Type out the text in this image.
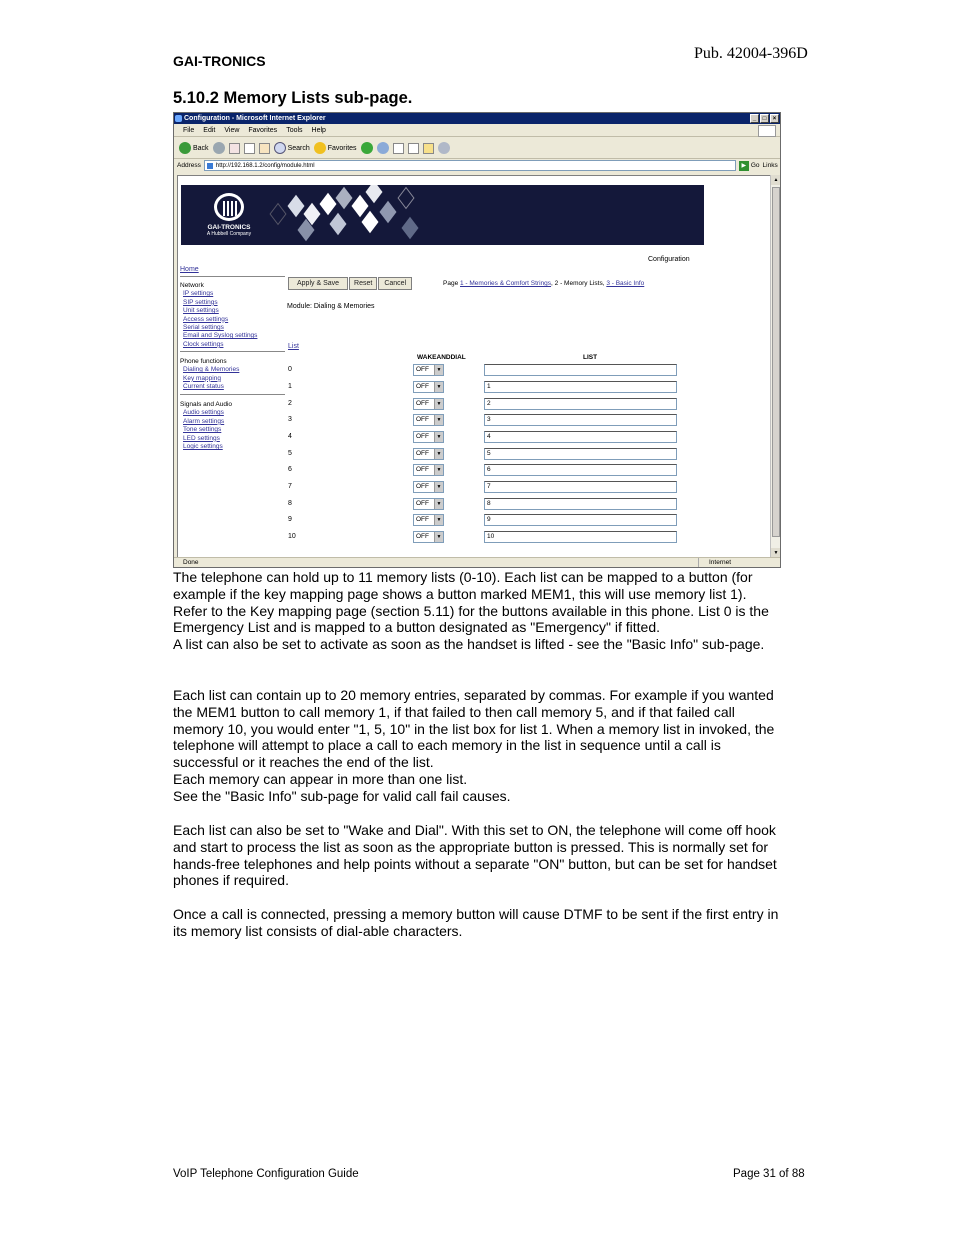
GAI-TRONICS	Pub. 42004-396D
5.10.2 Memory Lists sub-page.
Configuration - Microsoft Internet Explorer	_	□	×
File Edit View Favorites Tools Help
Back	Search	Favorites
Address	http://192.168.1.2/config/module.html	▶ Go Links
GAI-TRONICS
A Hubbell Company
Configuration
Home
Network
IP settings
SIP settings
Unit settings
Access settings
Serial settings
Email and Syslog settings
Clock settings
Phone functions
Dialing & Memories
Key mapping
Current status
Signals and Audio
Audio settings
Alarm settings
Tone settings
LED settings
Logic settings
Apply & Save	Reset	Cancel	Page 1 - Memories & Comfort Strings, 2 - Memory Lists, 3 - Basic Info
Module: Dialing & Memories
List
WAKEANDDIAL	LIST
0	OFF	▼
1	OFF	▼	1
2	OFF	▼	2
3	OFF	▼	3
4	OFF	▼	4
5	OFF	▼	5
6	OFF	▼	6
7	OFF	▼	7
8	OFF	▼	8
9	OFF	▼	9
10	OFF	▼	10
▲
▼
Done	Internet
The telephone can hold up to 11 memory lists (0-10). Each list can be mapped to a button (for example if the key mapping page shows a button marked MEM1, this will use memory list 1). Refer to the Key mapping page (section 5.11) for the buttons available in this phone. List 0 is the Emergency List and is mapped to a button designated as "Emergency" if fitted.
A list can also be set to activate as soon as the handset is lifted - see the "Basic Info" sub-page.
Each list can contain up to 20 memory entries, separated by commas. For example if you wanted the MEM1 button to call memory 1, if that failed to then call memory 5, and if that failed call memory 10, you would enter "1, 5, 10" in the list box for list 1. When a memory list in invoked, the telephone will attempt to place a call to each memory in the list in sequence until a call is successful or it reaches the end of the list.
Each memory can appear in more than one list.
See the "Basic Info" sub-page for valid call fail causes.
Each list can also be set to "Wake and Dial". With this set to ON, the telephone will come off hook and start to process the list as soon as the appropriate button is pressed. This is normally set for hands-free telephones and help points without a separate "ON" button, but can be set for handset phones if required.
Once a call is connected, pressing a memory button will cause DTMF to be sent if the first entry in its memory list consists of dial-able characters.
VoIP Telephone Configuration Guide	Page 31 of 88
